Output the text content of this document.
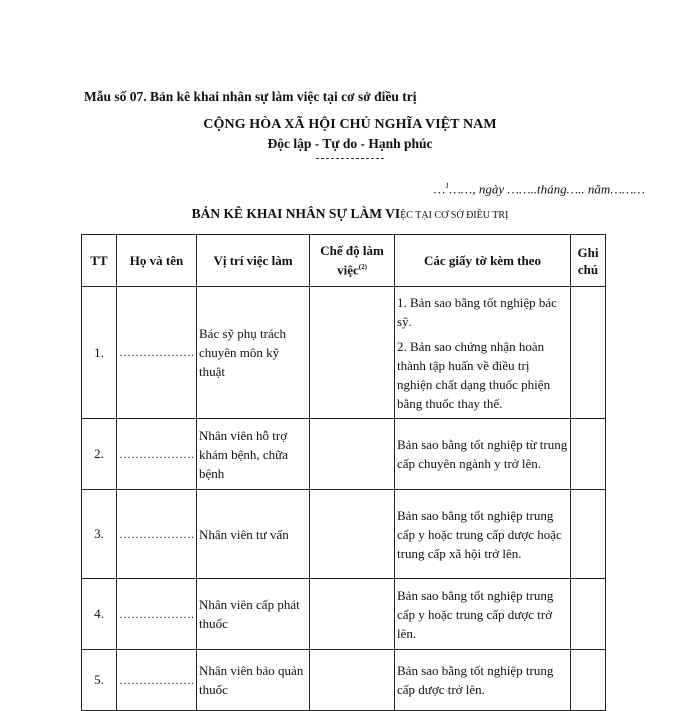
Mẫu số 07. Bản kê khai nhân sự làm việc tại cơ sở điều trị
CỘNG HÒA XÃ HỘI CHỦ NGHĨA VIỆT NAM
Độc lập - Tự do - Hạnh phúc
…$^1$……, ngày ……..tháng….. năm………
BẢN KÊ KHAI NHÂN SỰ LÀM VIỆC TẠI CƠ SỞ ĐIỀU TRỊ
TT	Họ và tên	Vị trí việc làm	Chế độ làm việc$^{(2)}$	Các giấy tờ kèm theo	Ghi chú
1.	……………….	Bác sỹ phụ trách chuyên môn kỹ thuật		1. Bản sao bằng tốt nghiệp bác sỹ.

2. Bản sao chứng nhận hoàn thành tập huấn về điều trị nghiện chất dạng thuốc phiện bằng thuốc thay thế.	

2.	……………….	Nhân viên hỗ trợ khám bệnh, chữa bệnh		Bản sao bằng tốt nghiệp từ trung cấp chuyên ngành y trở lên.	

3.	……………….	Nhân viên tư vấn		Bản sao bằng tốt nghiệp trung cấp y hoặc trung cấp dược hoặc trung cấp xã hội trở lên.	

4.	……………….	Nhân viên cấp phát thuốc		Bản sao bằng tốt nghiệp trung cấp y hoặc trung cấp dược trở lên.	

5.	……………….	Nhân viên bảo quản thuốc		Bản sao bằng tốt nghiệp trung cấp dược trở lên.	
